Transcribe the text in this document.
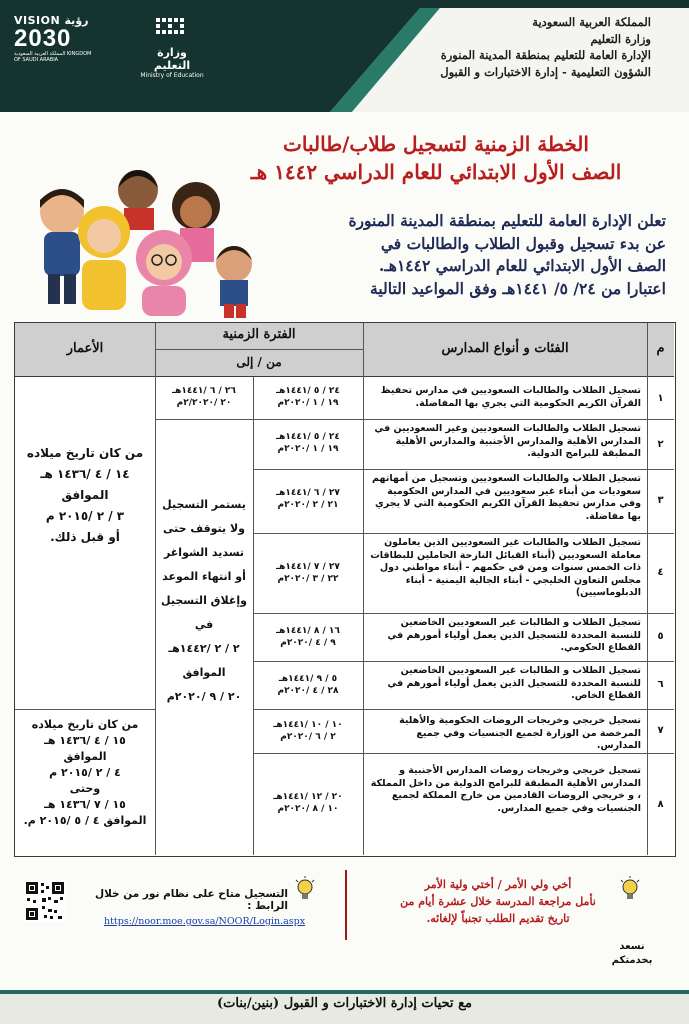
VISION رؤية
2030
المملكة العربية السعودية KINGDOM OF SAUDI ARABIA
وزارة التعليم
Ministry of Education
المملكة العربية السعودية
وزارة التعليم
الإدارة العامة للتعليم بمنطقة المدينة المنورة
الشؤون التعليمية - إدارة الاختبارات و القبول
الخطة الزمنية لتسجيل طلاب/طالبات
الصف الأول الابتدائي للعام الدراسي ١٤٤٢ هـ
تعلن الإدارة العامة للتعليم بمنطقة المدينة المنورة
عن بدء تسجيل وقبول الطلاب والطالبات في
الصف الأول الابتدائي للعام الدراسي ١٤٤٢هـ.
اعتبارا من ٢٤/ ٥/ ١٤٤١هـ وفق المواعيد التالية
م
الفئات و أنواع المدارس
الفترة الزمنية
من / إلى
الأعمار
١
تسجيل الطلاب والطالبات السعوديين في مدارس تحفيظ القرآن الكريم الحكومية التي يجري بها المفاضلة.
٢٤ / ٥ /١٤٤١هـ
١٩ / ١ /٢٠٢٠م
٢٦ / ٦ /١٤٤١هـ
٢٠ /٢/٢٠٢٠م
٢
تسجيل الطلاب والطالبات السعوديين وغير السعوديين في المدارس الأهلية والمدارس الأجنبية والمدارس الأهلية المطبقة للبرامج الدولية.
٢٤ / ٥ /١٤٤١هـ
١٩ / ١ /٢٠٢٠م
٣
تسجيل الطلاب والطالبات السعوديين وتسجيل من أمهاتهم سعوديات من أبناء غير سعوديين في المدارس الحكومية وفي مدارس تحفيظ القرآن الكريم الحكومية التي لا يجري بها مفاضلة.
٢٧ / ٦ /١٤٤١هـ
٢١ / ٢ /٢٠٢٠م
٤
تسجيل الطلاب والطالبات غير السعوديين الذين يعاملون معاملة السعوديين (أبناء القبائل النازحة الحاملين للبطاقات ذات الخمس سنوات ومن في حكمهم - أبناء مواطني دول مجلس التعاون الخليجي - أبناء الجالية اليمنية - أبناء الدبلوماسيين)
٢٧ / ٧ /١٤٤١هـ
٢٢ / ٣ /٢٠٢٠م
٥
تسجيل الطلاب و الطالبات غير السعوديين الخاضعين للنسبة المحددة للتسجيل الذين يعمل أولياء أمورهم في القطاع الحكومي.
١٦ / ٨ /١٤٤١هـ
٩ / ٤ /٢٠٢٠م
٦
تسجيل الطلاب و الطالبات غير السعوديين الخاضعين للنسبة المحددة للتسجيل الذين يعمل أولياء أمورهم في القطاع الخاص.
٥ / ٩ /١٤٤١هـ
٢٨ / ٤ /٢٠٢٠م
٧
تسجيل خريجي وخريجات الروضات الحكومية والأهلية المرخصة من الوزارة لجميع الجنسيات وفي جميع المدارس.
١٠ / ١٠ /١٤٤١هـ
٢ / ٦ /٢٠٢٠م
٨
تسجيل خريجي وخريجات روضات المدارس الأجنبية و المدارس الأهلية المطبقة للبرامج الدولية من داخل المملكة ، و خريجي الروضات القادمين من خارج المملكة لجميع الجنسيات وفي جميع المدارس.
٢٠ / ١٢ /١٤٤١هـ
١٠ / ٨ /٢٠٢٠م
يستمر التسجيل
ولا يتوقف حتى
تسديد الشواغر
أو انتهاء الموعد
وإغلاق التسجيل
في
٢ / ٢ /١٤٤٢هـ
الموافق
٢٠ / ٩ /٢٠٢٠م
من كان تاريخ ميلاده
١٤ / ٤ /١٤٣٦ هـ
الموافق
٣ / ٢ /٢٠١٥ م
أو قبل ذلك.
من كان تاريخ ميلاده
١٥ / ٤ /١٤٣٦ هـ
الموافق
٤ / ٢ /٢٠١٥ م
وحتى
١٥ / ٧ /١٤٣٦ هـ
الموافق ٤ / ٥ /٢٠١٥ م.
التسجيل متاح على نظام نور من خلال الرابط :
https://noor.moe.gov.sa/NOOR/Login.aspx
أخي ولي الأمر / أختي ولية الأمر
نأمل مراجعة المدرسة خلال عشرة أيام من
تاريخ تقديم الطلب تجنباً لإلغائه.
نسعد
بخدمتكم
مع تحيات إدارة الاختبارات و القبول (بنين/بنات)
